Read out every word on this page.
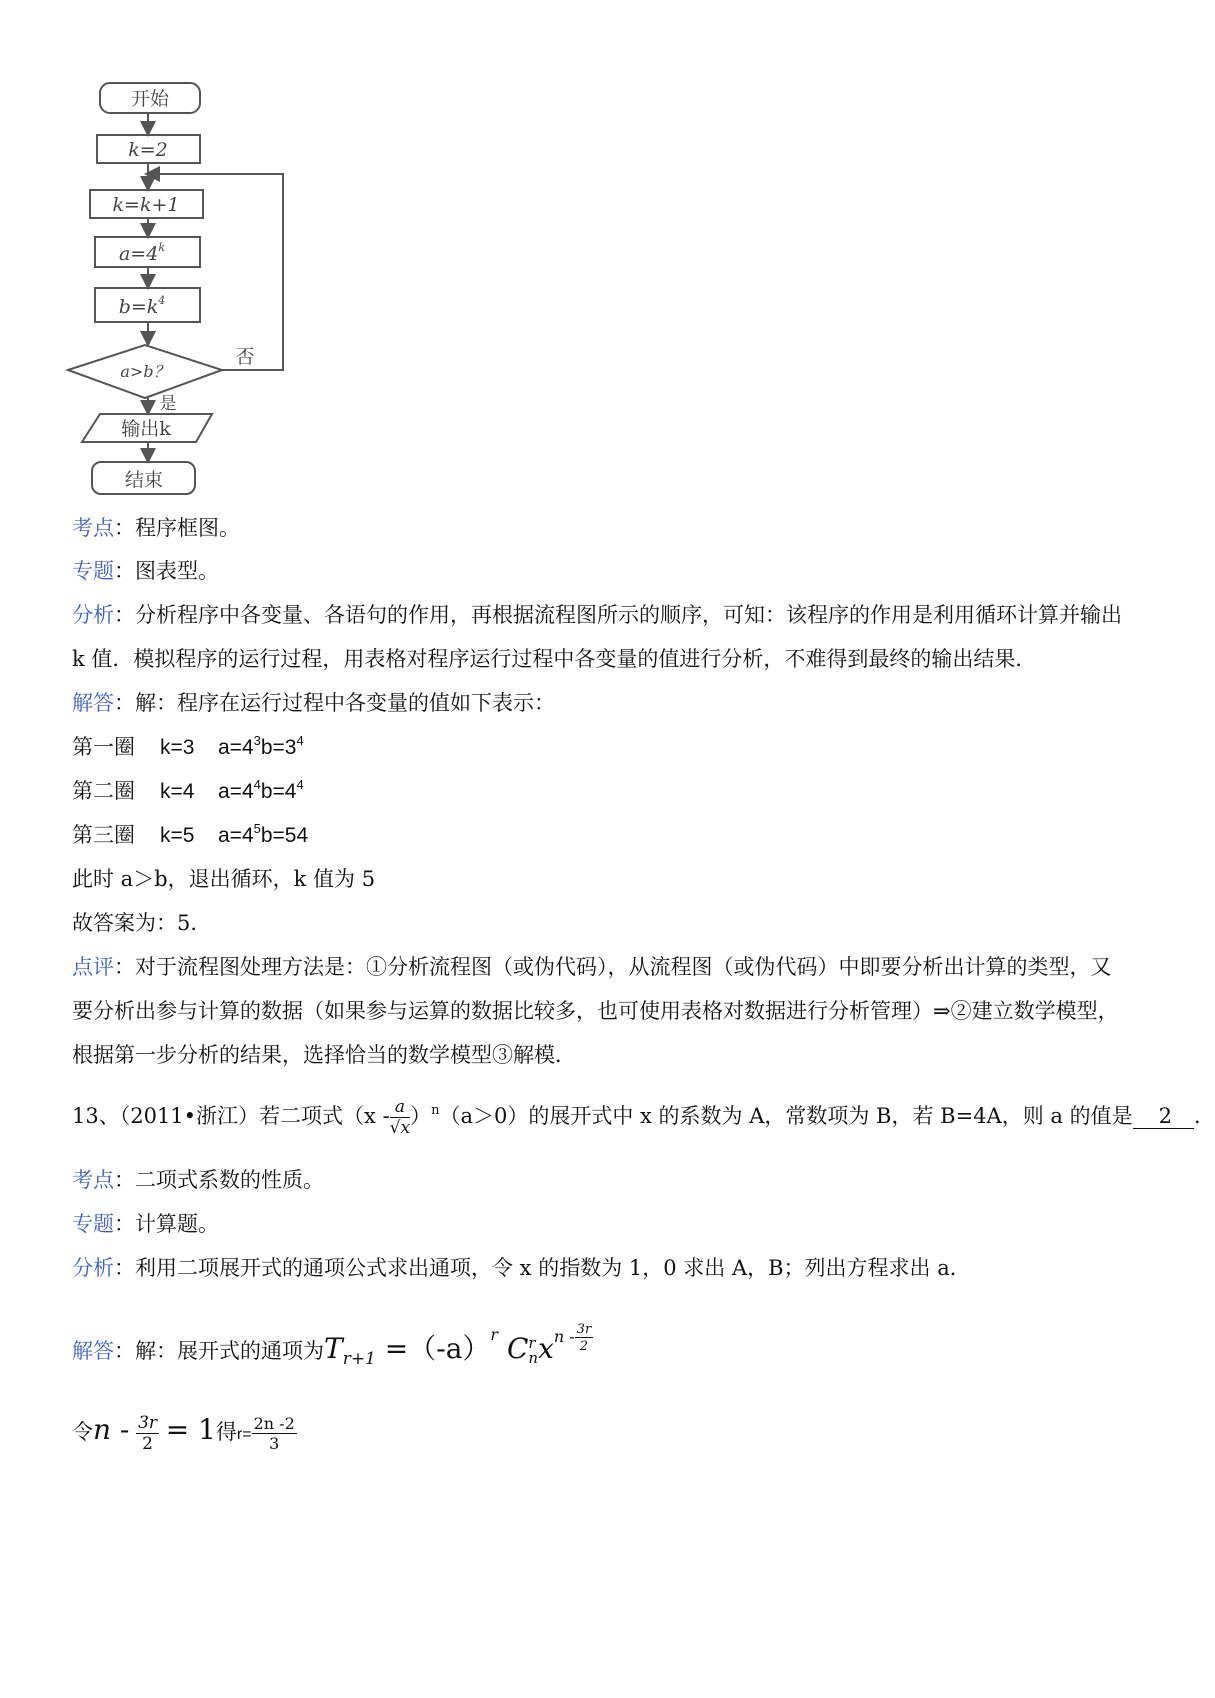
开始
k=2
k=k+1
$a=4^k$
$b=k^4$
a>b？
否
是
输出k
结束
考点：程序框图。
专题：图表型。
分析：分析程序中各变量、各语句的作用，再根据流程图所示的顺序，可知：该程序的作用是利用循环计算并输出
k 值．模拟程序的运行过程，用表格对程序运行过程中各变量的值进行分析，不难得到最终的输出结果．
解答：解：程序在运行过程中各变量的值如下表示：
第一圈 k=3 $a=4^3b=3^4$
第二圈 k=4 $a=4^4b=4^4$
第三圈 k=5 $a=4^5b=54$
此时 a＞b，退出循环，k 值为 5
故答案为：5．
点评：对于流程图处理方法是：①分析流程图（或伪代码），从流程图（或伪代码）中即要分析出计算的类型，又
要分析出参与计算的数据（如果参与运算的数据比较多，也可使用表格对数据进行分析管理）⇒②建立数学模型，
根据第一步分析的结果，选择恰当的数学模型③解模．
13、（2011•浙江）若二项式$(x - \frac{a}{√x} )^n(a>0)$的展开式中 x 的系数为 A，常数项为 B，若 B=4A，则 a 的值是 2 ．
考点：二项式系数的性质。
专题：计算题。
分析：利用二项展开式的通项公式求出通项，令 x 的指数为 1，0 求出 A，B；列出方程求出 a．
解答：解：展开式的通项为$T_{r+1} =(-a)^r$ C r
n $x^{n - \frac{3r}{2}}$
令$n - \frac{3r}{2} = 1$得$r= \frac{2n -2}{3}$
